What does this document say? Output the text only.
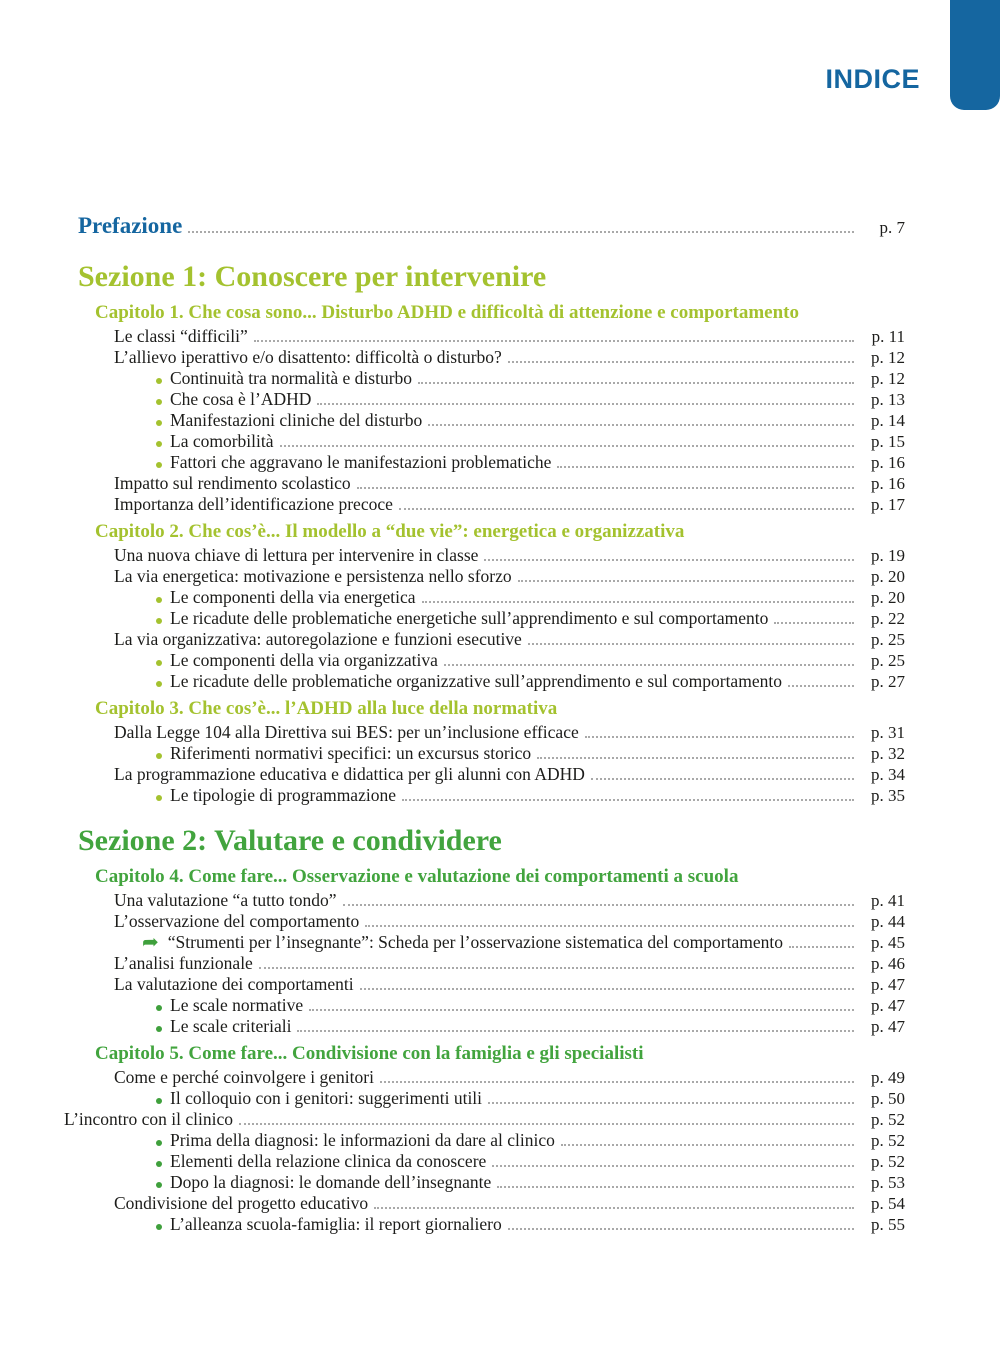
INDICE
Prefazione	p. 7
Sezione 1: Conoscere per intervenire
Capitolo 1. Che cosa sono... Disturbo ADHD e difficoltà di attenzione e comportamento
Le classi “difficili”	p. 11
L’allievo iperattivo e/o disattento: difficoltà o disturbo?	p. 12
Continuità tra normalità e disturbo	p. 12
Che cosa è l’ADHD	p. 13
Manifestazioni cliniche del disturbo	p. 14
La comorbilità	p. 15
Fattori che aggravano le manifestazioni problematiche	p. 16
Impatto sul rendimento scolastico	p. 16
Importanza dell’identificazione precoce	p. 17
Capitolo 2. Che cos’è... Il modello a “due vie”: energetica e organizzativa
Una nuova chiave di lettura per intervenire in classe	p. 19
La via energetica: motivazione e persistenza nello sforzo	p. 20
Le componenti della via energetica	p. 20
Le ricadute delle problematiche energetiche sull’apprendimento e sul comportamento	p. 22
La via organizzativa: autoregolazione e funzioni esecutive	p. 25
Le componenti della via organizzativa	p. 25
Le ricadute delle problematiche organizzative sull’apprendimento e sul comportamento	p. 27
Capitolo 3. Che cos’è... l’ADHD alla luce della normativa
Dalla Legge 104 alla Direttiva sui BES: per un’inclusione efficace	p. 31
Riferimenti normativi specifici: un excursus storico	p. 32
La programmazione educativa e didattica per gli alunni con ADHD	p. 34
Le tipologie di programmazione	p. 35
Sezione 2: Valutare e condividere
Capitolo 4. Come fare... Osservazione e valutazione dei comportamenti a scuola
Una valutazione “a tutto tondo”	p. 41
L’osservazione del comportamento	p. 44
➥ “Strumenti per l’insegnante”: Scheda per l’osservazione sistematica del comportamento	p. 45
L’analisi funzionale	p. 46
La valutazione dei comportamenti	p. 47
Le scale normative	p. 47
Le scale criteriali	p. 47
Capitolo 5. Come fare... Condivisione con la famiglia e gli specialisti
Come e perché coinvolgere i genitori	p. 49
Il colloquio con i genitori: suggerimenti utili	p. 50
L’incontro con il clinico	p. 52
Prima della diagnosi: le informazioni da dare al clinico	p. 52
Elementi della relazione clinica da conoscere	p. 52
Dopo la diagnosi: le domande dell’insegnante	p. 53
Condivisione del progetto educativo	p. 54
L’alleanza scuola-famiglia: il report giornaliero	p. 55
